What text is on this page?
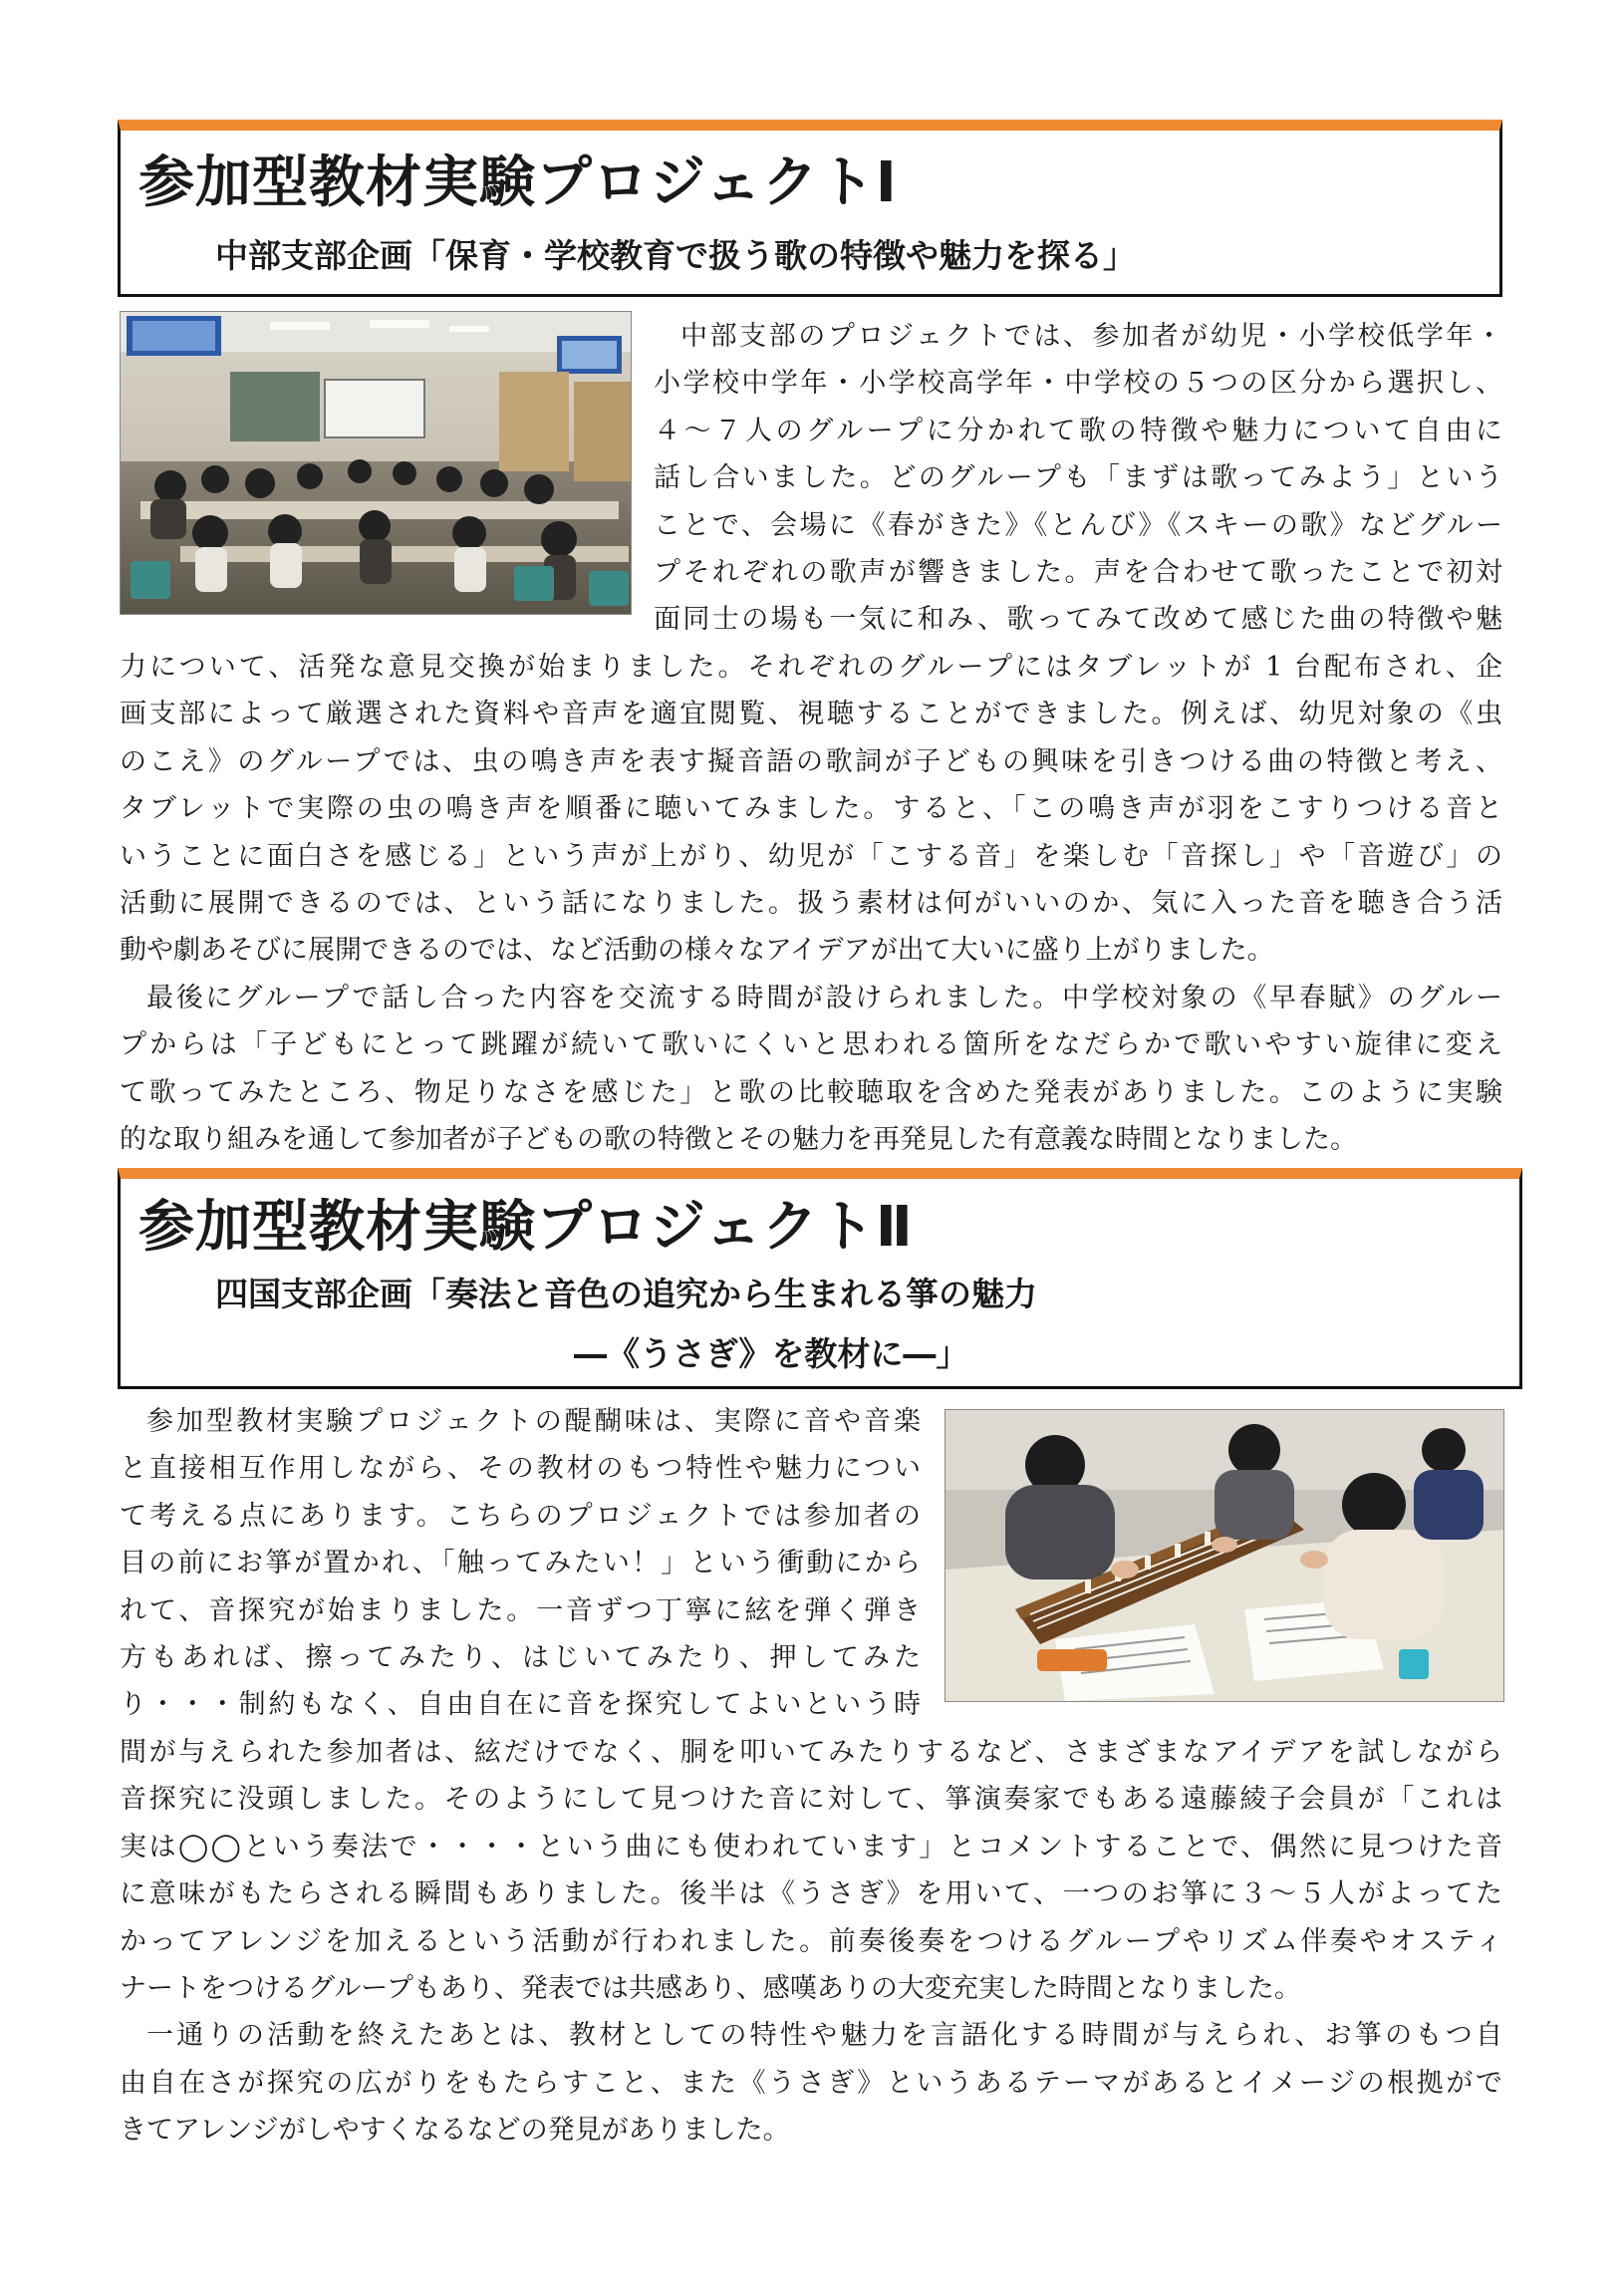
参加型教材実験プロジェクトⅠ
中部支部企画「保育・学校教育で扱う歌の特徴や魅力を探る」
中部支部のプロジェクトでは、参加者が幼児・小学校低学年・
小学校中学年・小学校高学年・中学校の５つの区分から選択し、
４～７人のグループに分かれて歌の特徴や魅力について自由に
話し合いました。どのグループも「まずは歌ってみよう」という
ことで、会場に《春がきた》《とんび》《スキーの歌》などグルー
プそれぞれの歌声が響きました。声を合わせて歌ったことで初対
面同士の場も一気に和み、歌ってみて改めて感じた曲の特徴や魅
力について、活発な意見交換が始まりました。それぞれのグループにはタブレットが 1 台配布され、企
画支部によって厳選された資料や音声を適宜閲覧、視聴することができました。例えば、幼児対象の《虫
のこえ》のグループでは、虫の鳴き声を表す擬音語の歌詞が子どもの興味を引きつける曲の特徴と考え、
タブレットで実際の虫の鳴き声を順番に聴いてみました。すると、「この鳴き声が羽をこすりつける音と
いうことに面白さを感じる」という声が上がり、幼児が「こする音」を楽しむ「音探し」や「音遊び」の
活動に展開できるのでは、という話になりました。扱う素材は何がいいのか、気に入った音を聴き合う活
動や劇あそびに展開できるのでは、など活動の様々なアイデアが出て大いに盛り上がりました。
最後にグループで話し合った内容を交流する時間が設けられました。中学校対象の《早春賦》のグルー
プからは「子どもにとって跳躍が続いて歌いにくいと思われる箇所をなだらかで歌いやすい旋律に変え
て歌ってみたところ、物足りなさを感じた」と歌の比較聴取を含めた発表がありました。このように実験
的な取り組みを通して参加者が子どもの歌の特徴とその魅力を再発見した有意義な時間となりました。
参加型教材実験プロジェクトⅡ
四国支部企画「奏法と音色の追究から生まれる箏の魅力
―《うさぎ》を教材に―」
参加型教材実験プロジェクトの醍醐味は、実際に音や音楽
と直接相互作用しながら、その教材のもつ特性や魅力につい
て考える点にあります。こちらのプロジェクトでは参加者の
目の前にお箏が置かれ、「触ってみたい！」という衝動にから
れて、音探究が始まりました。一音ずつ丁寧に絃を弾く弾き
方もあれば、擦ってみたり、はじいてみたり、押してみた
り・・・制約もなく、自由自在に音を探究してよいという時
間が与えられた参加者は、絃だけでなく、胴を叩いてみたりするなど、さまざまなアイデアを試しながら
音探究に没頭しました。そのようにして見つけた音に対して、箏演奏家でもある遠藤綾子会員が「これは
実は◯◯という奏法で・・・・という曲にも使われています」とコメントすることで、偶然に見つけた音
に意味がもたらされる瞬間もありました。後半は《うさぎ》を用いて、一つのお箏に３～５人がよってた
かってアレンジを加えるという活動が行われました。前奏後奏をつけるグループやリズム伴奏やオスティ
ナートをつけるグループもあり、発表では共感あり、感嘆ありの大変充実した時間となりました。
一通りの活動を終えたあとは、教材としての特性や魅力を言語化する時間が与えられ、お箏のもつ自
由自在さが探究の広がりをもたらすこと、また《うさぎ》というあるテーマがあるとイメージの根拠がで
きてアレンジがしやすくなるなどの発見がありました。
